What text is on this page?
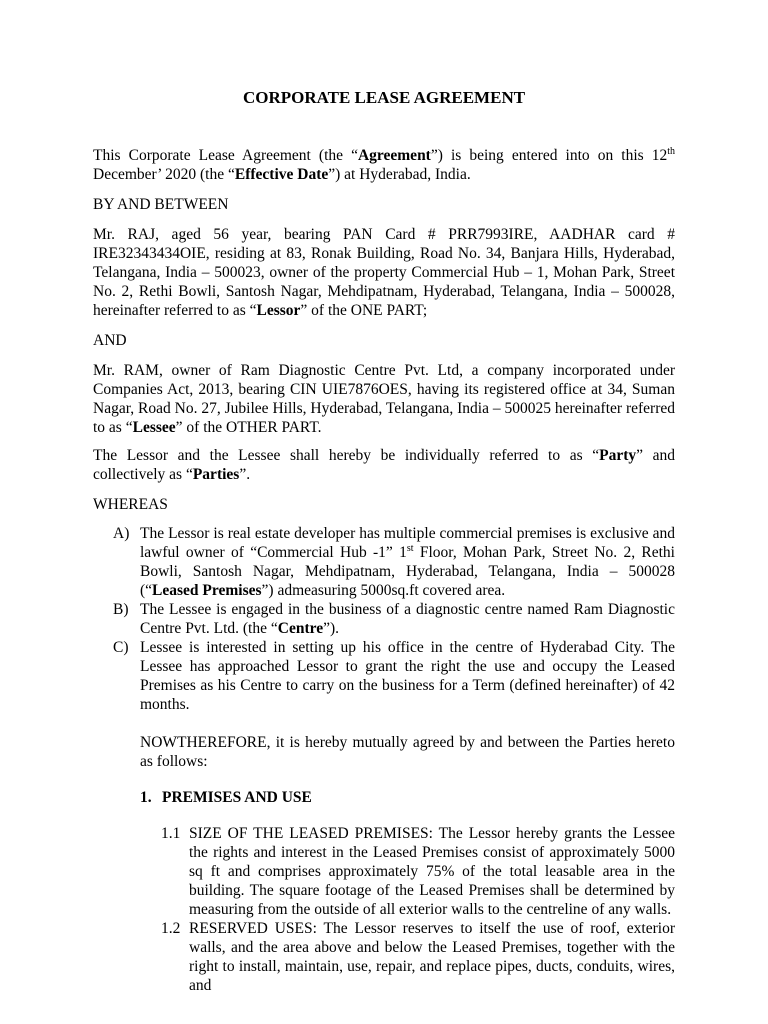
CORPORATE LEASE AGREEMENT

This Corporate Lease Agreement (the “Agreement”) is being entered into on this 12th December’ 2020 (the “Effective Date”) at Hyderabad, India.

BY AND BETWEEN

Mr. RAJ, aged 56 year, bearing PAN Card # PRR7993IRE, AADHAR card # IRE32343434OIE, residing at 83, Ronak Building, Road No. 34, Banjara Hills, Hyderabad, Telangana, India – 500023, owner of the property Commercial Hub – 1, Mohan Park, Street No. 2, Rethi Bowli, Santosh Nagar, Mehdipatnam, Hyderabad, Telangana, India – 500028, hereinafter referred to as “Lessor” of the ONE PART;

AND

Mr. RAM, owner of Ram Diagnostic Centre Pvt. Ltd, a company incorporated under Companies Act, 2013, bearing CIN UIE7876OES, having its registered office at 34, Suman Nagar, Road No. 27, Jubilee Hills, Hyderabad, Telangana, India – 500025 hereinafter referred to as “Lessee” of the OTHER PART.

The Lessor and the Lessee shall hereby be individually referred to as “Party” and collectively as “Parties”.

WHEREAS

A) The Lessor is real estate developer has multiple commercial premises is exclusive and lawful owner of “Commercial Hub -1” 1st Floor, Mohan Park, Street No. 2, Rethi Bowli, Santosh Nagar, Mehdipatnam, Hyderabad, Telangana, India – 500028 (“Leased Premises”) admeasuring 5000sq.ft covered area.
B) The Lessee is engaged in the business of a diagnostic centre named Ram Diagnostic Centre Pvt. Ltd. (the “Centre”).
C) Lessee is interested in setting up his office in the centre of Hyderabad City. The Lessee has approached Lessor to grant the right the use and occupy the Leased Premises as his Centre to carry on the business for a Term (defined hereinafter) of 42 months.

NOWTHEREFORE, it is hereby mutually agreed by and between the Parties hereto as follows:

1. PREMISES AND USE
1.1 SIZE OF THE LEASED PREMISES: The Lessor hereby grants the Lessee the rights and interest in the Leased Premises consist of approximately 5000 sq ft and comprises approximately 75% of the total leasable area in the building. The square footage of the Leased Premises shall be determined by measuring from the outside of all exterior walls to the centreline of any walls.
1.2 RESERVED USES: The Lessor reserves to itself the use of roof, exterior walls, and the area above and below the Leased Premises, together with the right to install, maintain, use, repair, and replace pipes, ducts, conduits, wires, and
